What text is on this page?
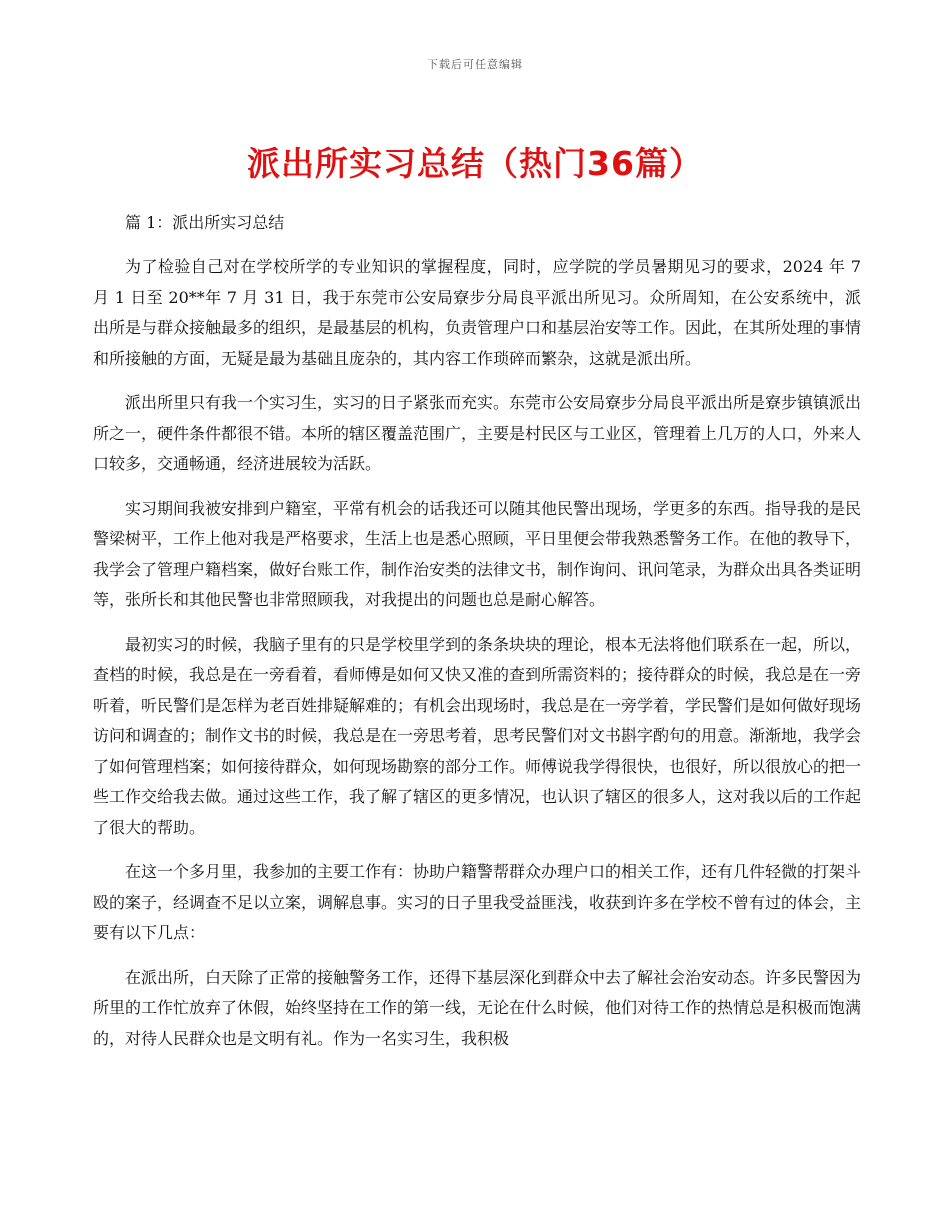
下载后可任意编辑
派出所实习总结（热门36篇）

篇 1：派出所实习总结

为了检验自己对在学校所学的专业知识的掌握程度，同时，应学院的学员暑期见习的要求，2024 年 7 月 1 日至 20**年 7 月 31 日，我于东莞市公安局寮步分局良平派出所见习。众所周知，在公安系统中，派出所是与群众接触最多的组织，是最基层的机构，负责管理户口和基层治安等工作。因此，在其所处理的事情和所接触的方面，无疑是最为基础且庞杂的，其内容工作琐碎而繁杂，这就是派出所。

派出所里只有我一个实习生，实习的日子紧张而充实。东莞市公安局寮步分局良平派出所是寮步镇镇派出所之一，硬件条件都很不错。本所的辖区覆盖范围广，主要是村民区与工业区，管理着上几万的人口，外来人口较多，交通畅通，经济进展较为活跃。

实习期间我被安排到户籍室，平常有机会的话我还可以随其他民警出现场，学更多的东西。指导我的是民警梁树平，工作上他对我是严格要求，生活上也是悉心照顾，平日里便会带我熟悉警务工作。在他的教导下，我学会了管理户籍档案，做好台账工作，制作治安类的法律文书，制作询问、讯问笔录，为群众出具各类证明等，张所长和其他民警也非常照顾我，对我提出的问题也总是耐心解答。

最初实习的时候，我脑子里有的只是学校里学到的条条块块的理论，根本无法将他们联系在一起，所以，查档的时候，我总是在一旁看着，看师傅是如何又快又准的查到所需资料的；接待群众的时候，我总是在一旁听着，听民警们是怎样为老百姓排疑解难的；有机会出现场时，我总是在一旁学着，学民警们是如何做好现场访问和调查的；制作文书的时候，我总是在一旁思考着，思考民警们对文书斟字酌句的用意。渐渐地，我学会了如何管理档案；如何接待群众，如何现场勘察的部分工作。师傅说我学得很快，也很好，所以很放心的把一些工作交给我去做。通过这些工作，我了解了辖区的更多情况，也认识了辖区的很多人，这对我以后的工作起了很大的帮助。

在这一个多月里，我参加的主要工作有：协助户籍警帮群众办理户口的相关工作，还有几件轻微的打架斗殴的案子，经调查不足以立案，调解息事。实习的日子里我受益匪浅，收获到许多在学校不曾有过的体会，主要有以下几点：

在派出所，白天除了正常的接触警务工作，还得下基层深化到群众中去了解社会治安动态。许多民警因为所里的工作忙放弃了休假，始终坚持在工作的第一线，无论在什么时候，他们对待工作的热情总是积极而饱满的，对待人民群众也是文明有礼。作为一名实习生，我积极
